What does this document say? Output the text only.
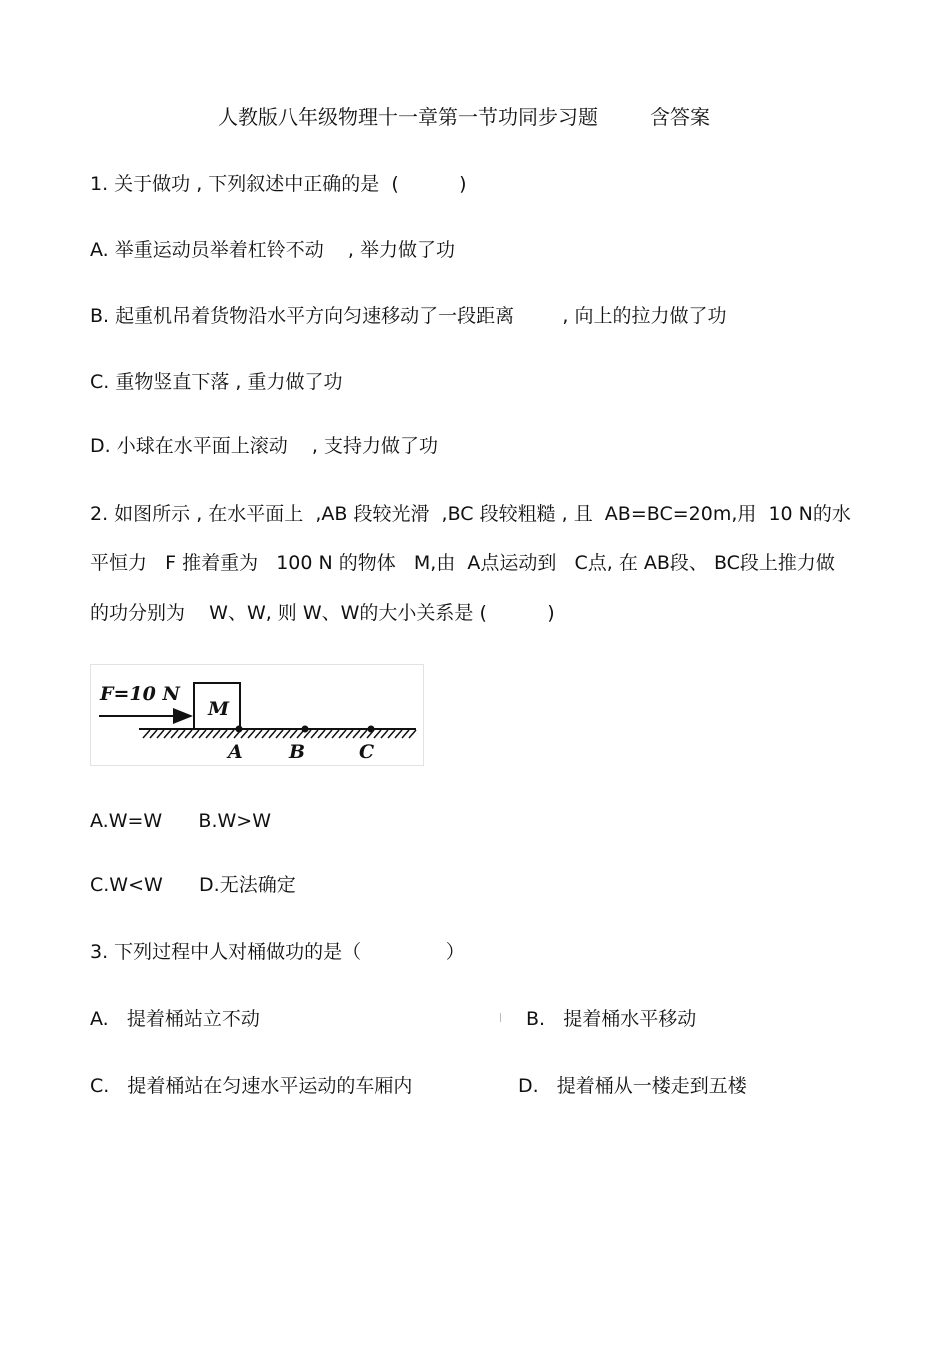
人教版八年级物理十一章第一节功同步习题	含答案
1. 关于做功 , 下列叙述中正确的是  (          )
A. 举重运动员举着杠铃不动    , 举力做了功
B. 起重机吊着货物沿水平方向匀速移动了一段距离        , 向上的拉力做了功
C. 重物竖直下落 , 重力做了功
D. 小球在水平面上滚动    , 支持力做了功
2. 如图所示 , 在水平面上  ,AB 段较光滑  ,BC 段较粗糙 , 且  AB=BC=20m,用  10 N的水
平恒力   F 推着重为   100 N 的物体   M,由  A点运动到   C点, 在 AB段、 BC段上推力做
的功分别为    W、W, 则 W、W的大小关系是 (          )
F=10 N
M
A B	C
A.W=W      B.W>W
C.W<W      D.无法确定
3. 下列过程中人对桶做功的是（              ）
A.   提着桶站立不动	B.   提着桶水平移动
C.   提着桶站在匀速水平运动的车厢内	D.   提着桶从一楼走到五楼
